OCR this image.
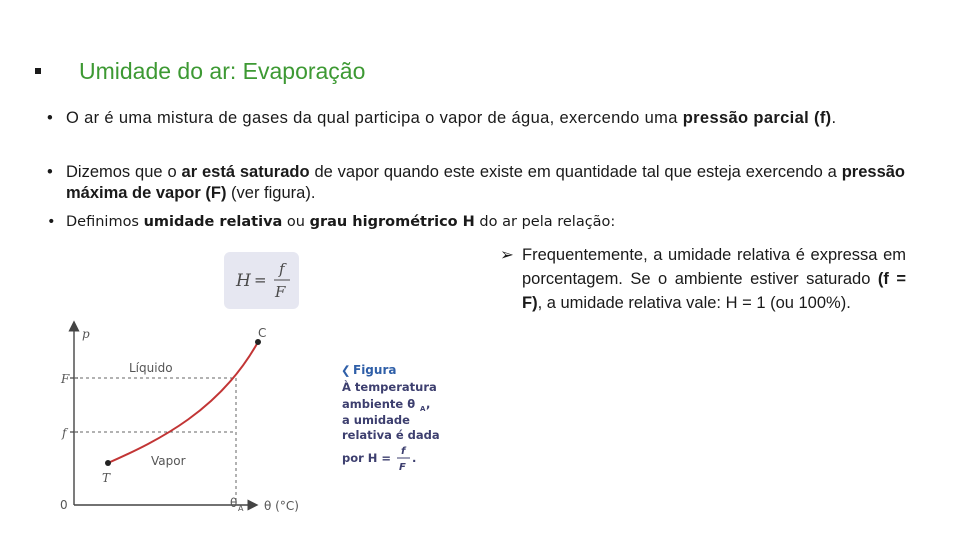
Umidade do ar: Evaporação
• O ar é uma mistura de gases da qual participa o vapor de água, exercendo uma pressão parcial (f).
• Dizemos que o ar está saturado de vapor quando este existe em quantidade tal que esteja exercendo a pressão máxima de vapor (F) (ver figura).
• Definimos umidade relativa ou grau higrométrico H do ar pela relação:
➢ Frequentemente, a umidade relativa é expressa em porcentagem. Se o ambiente estiver saturado (f = F), a umidade relativa vale: H = 1 (ou 100%).
H =
f
F
p
θ (°C)
0
F
f
θ A
C
T
Líquido
Vapor
❮ Figura
À temperatura
ambiente θ A ,
a umidade
relativa é dada
por H = f
F
.
